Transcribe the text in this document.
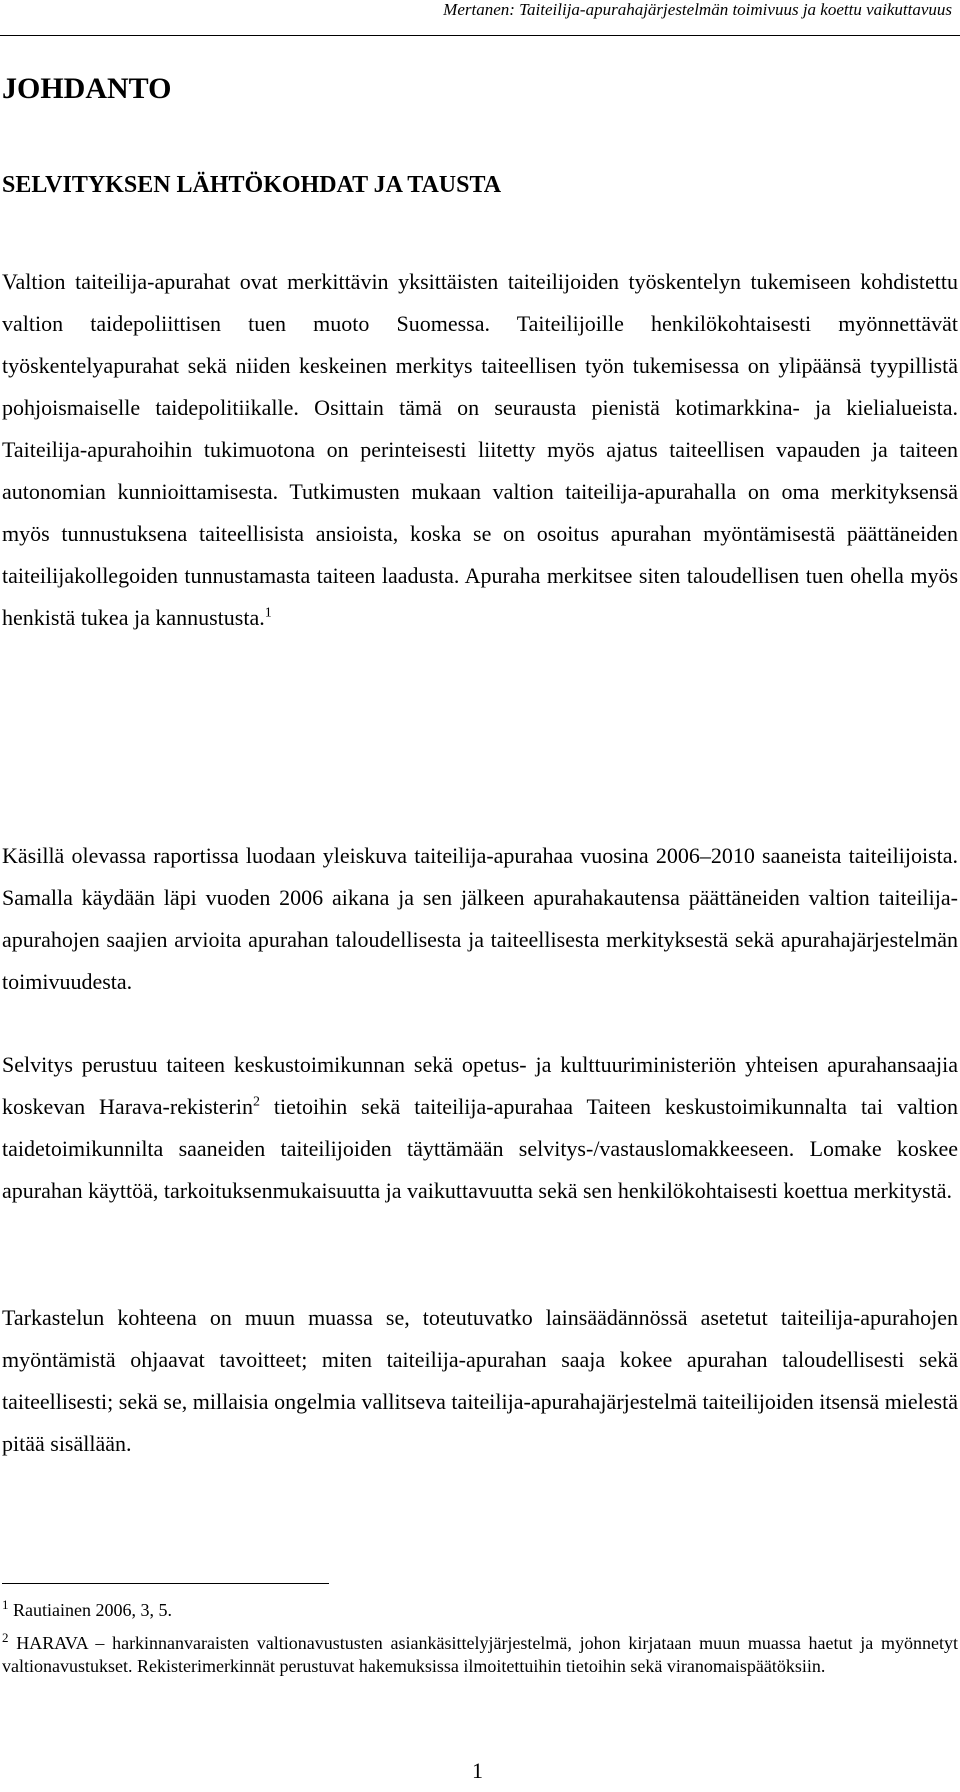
Mertanen: Taiteilija-apurahajärjestelmän toimivuus ja koettu vaikuttavuus
JOHDANTO
SELVITYKSEN LÄHTÖKOHDAT JA TAUSTA

Valtion taiteilija-apurahat ovat merkittävin yksittäisten taiteilijoiden työskentelyn tukemiseen kohdistettu valtion taidepoliittisen tuen muoto Suomessa. Taiteilijoille henkilökohtaisesti myönnettävät työskentelyapurahat sekä niiden keskeinen merkitys taiteellisen työn tukemisessa on ylipäänsä tyypillistä pohjoismaiselle taidepolitiikalle. Osittain tämä on seurausta pienistä kotimarkkina- ja kielialueista. Taiteilija-apurahoihin tukimuotona on perinteisesti liitetty myös ajatus taiteellisen vapauden ja taiteen autonomian kunnioittamisesta. Tutkimusten mukaan valtion taiteilija-apurahalla on oma merkityksensä myös tunnustuksena taiteellisista ansioista, koska se on osoitus apurahan myöntämisestä päättäneiden taiteilijakollegoiden tunnustamasta taiteen laadusta. Apuraha merkitsee siten taloudellisen tuen ohella myös henkistä tukea ja kannustusta.$^1$

Käsillä olevassa raportissa luodaan yleiskuva taiteilija-apurahaa vuosina 2006–2010 saaneista taiteilijoista. Samalla käydään läpi vuoden 2006 aikana ja sen jälkeen apurahakautensa päättäneiden valtion taiteilija-apurahojen saajien arvioita apurahan taloudellisesta ja taiteellisesta merkityksestä sekä apurahajärjestelmän toimivuudesta.

Selvitys perustuu taiteen keskustoimikunnan sekä opetus- ja kulttuuriministeriön yhteisen apurahansaajia koskevan Harava-rekisterin$^2$ tietoihin sekä taiteilija-apurahaa Taiteen keskustoimikunnalta tai valtion taidetoimikunnilta saaneiden taiteilijoiden täyttämään selvitys-/vastauslomakkeeseen. Lomake koskee apurahan käyttöä, tarkoituksenmukaisuutta ja vaikuttavuutta sekä sen henkilökohtaisesti koettua merkitystä.

Tarkastelun kohteena on muun muassa se, toteutuvatko lainsäädännössä asetetut taiteilija-apurahojen myöntämistä ohjaavat tavoitteet; miten taiteilija-apurahan saaja kokee apurahan taloudellisesti sekä taiteellisesti; sekä se, millaisia ongelmia vallitseva taiteilija-apurahajärjestelmä taiteilijoiden itsensä mielestä pitää sisällään.

$^1$ Rautiainen 2006, 3, 5.

$^2$ HARAVA – harkinnanvaraisten valtionavustusten asiankäsittelyjärjestelmä, johon kirjataan muun muassa haetut ja myönnetyt valtionavustukset. Rekisterimerkinnät perustuvat hakemuksissa ilmoitettuihin tietoihin sekä viranomaispäätöksiin.

1
